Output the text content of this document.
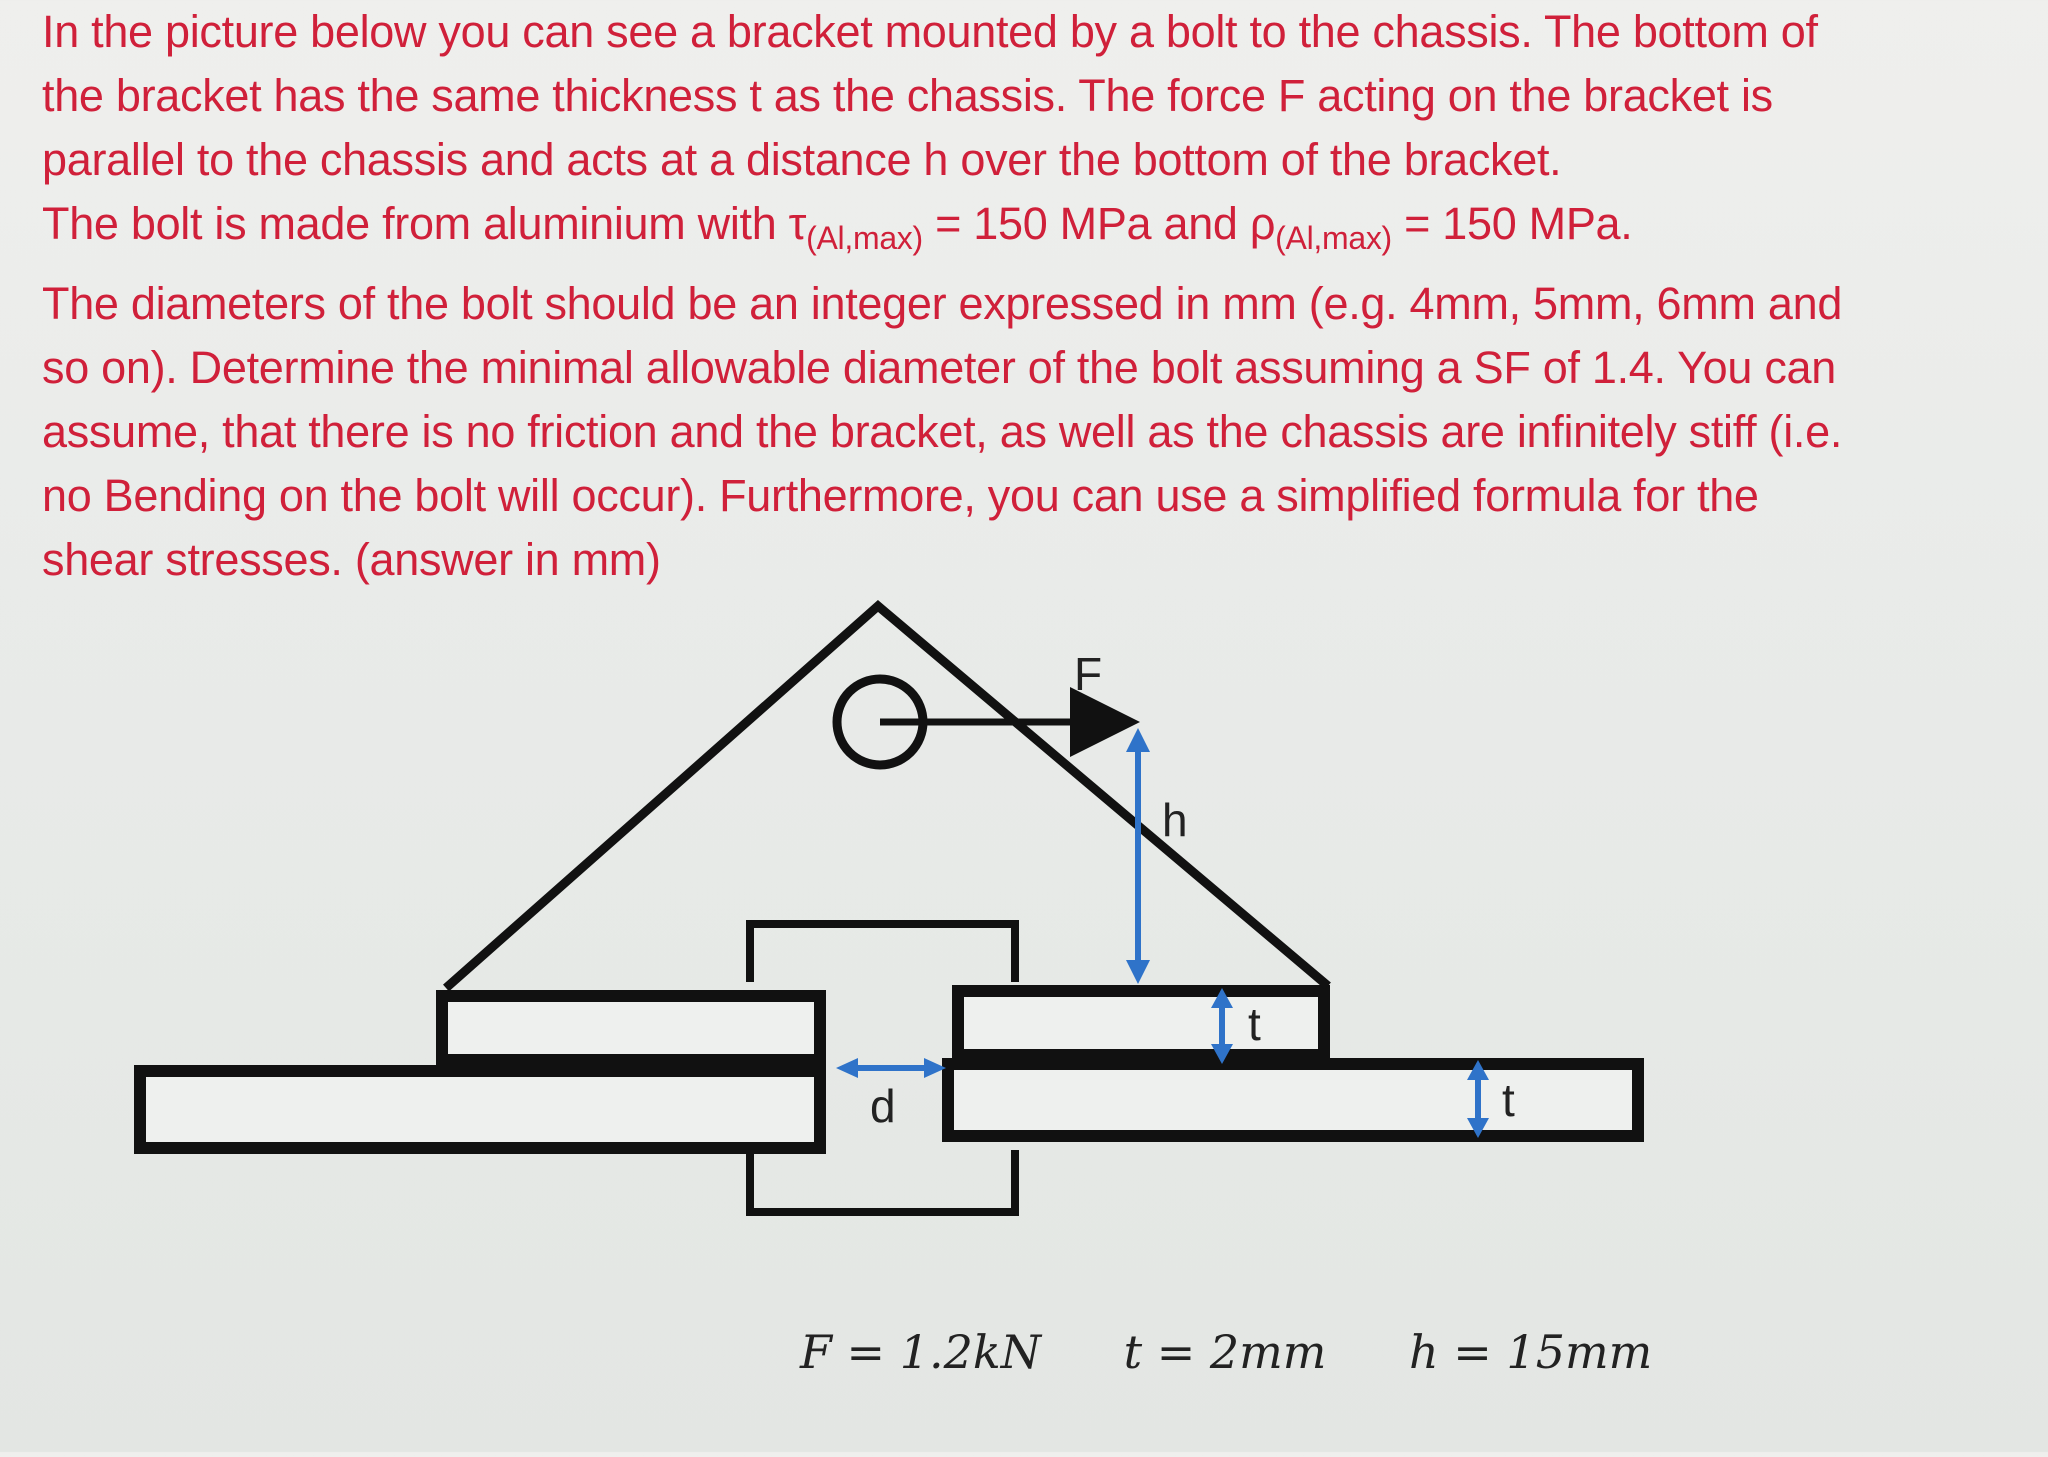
In the picture below you can see a bracket mounted by a bolt to the chassis. The bottom of
the bracket has the same thickness t as the chassis. The force F acting on the bracket is
parallel to the chassis and acts at a distance h over the bottom of the bracket.
The bolt is made from aluminium with $\tau_{(Al,max)} = 150$ MPa and $\rho_{(Al,max)} = 150$ MPa.
The diameters of the bolt should be an integer expressed in mm (e.g. 4mm, 5mm, 6mm and
so on). Determine the minimal allowable diameter of the bolt assuming a SF of 1.4. You can
assume, that there is no friction and the bracket, as well as the chassis are infinitely stiff (i.e.
no Bending on the bolt will occur). Furthermore, you can use a simplified formula for the
shear stresses. (answer in mm)
F
h
t
t
d
F = 1.2kN t = 2mm h = 15mm
